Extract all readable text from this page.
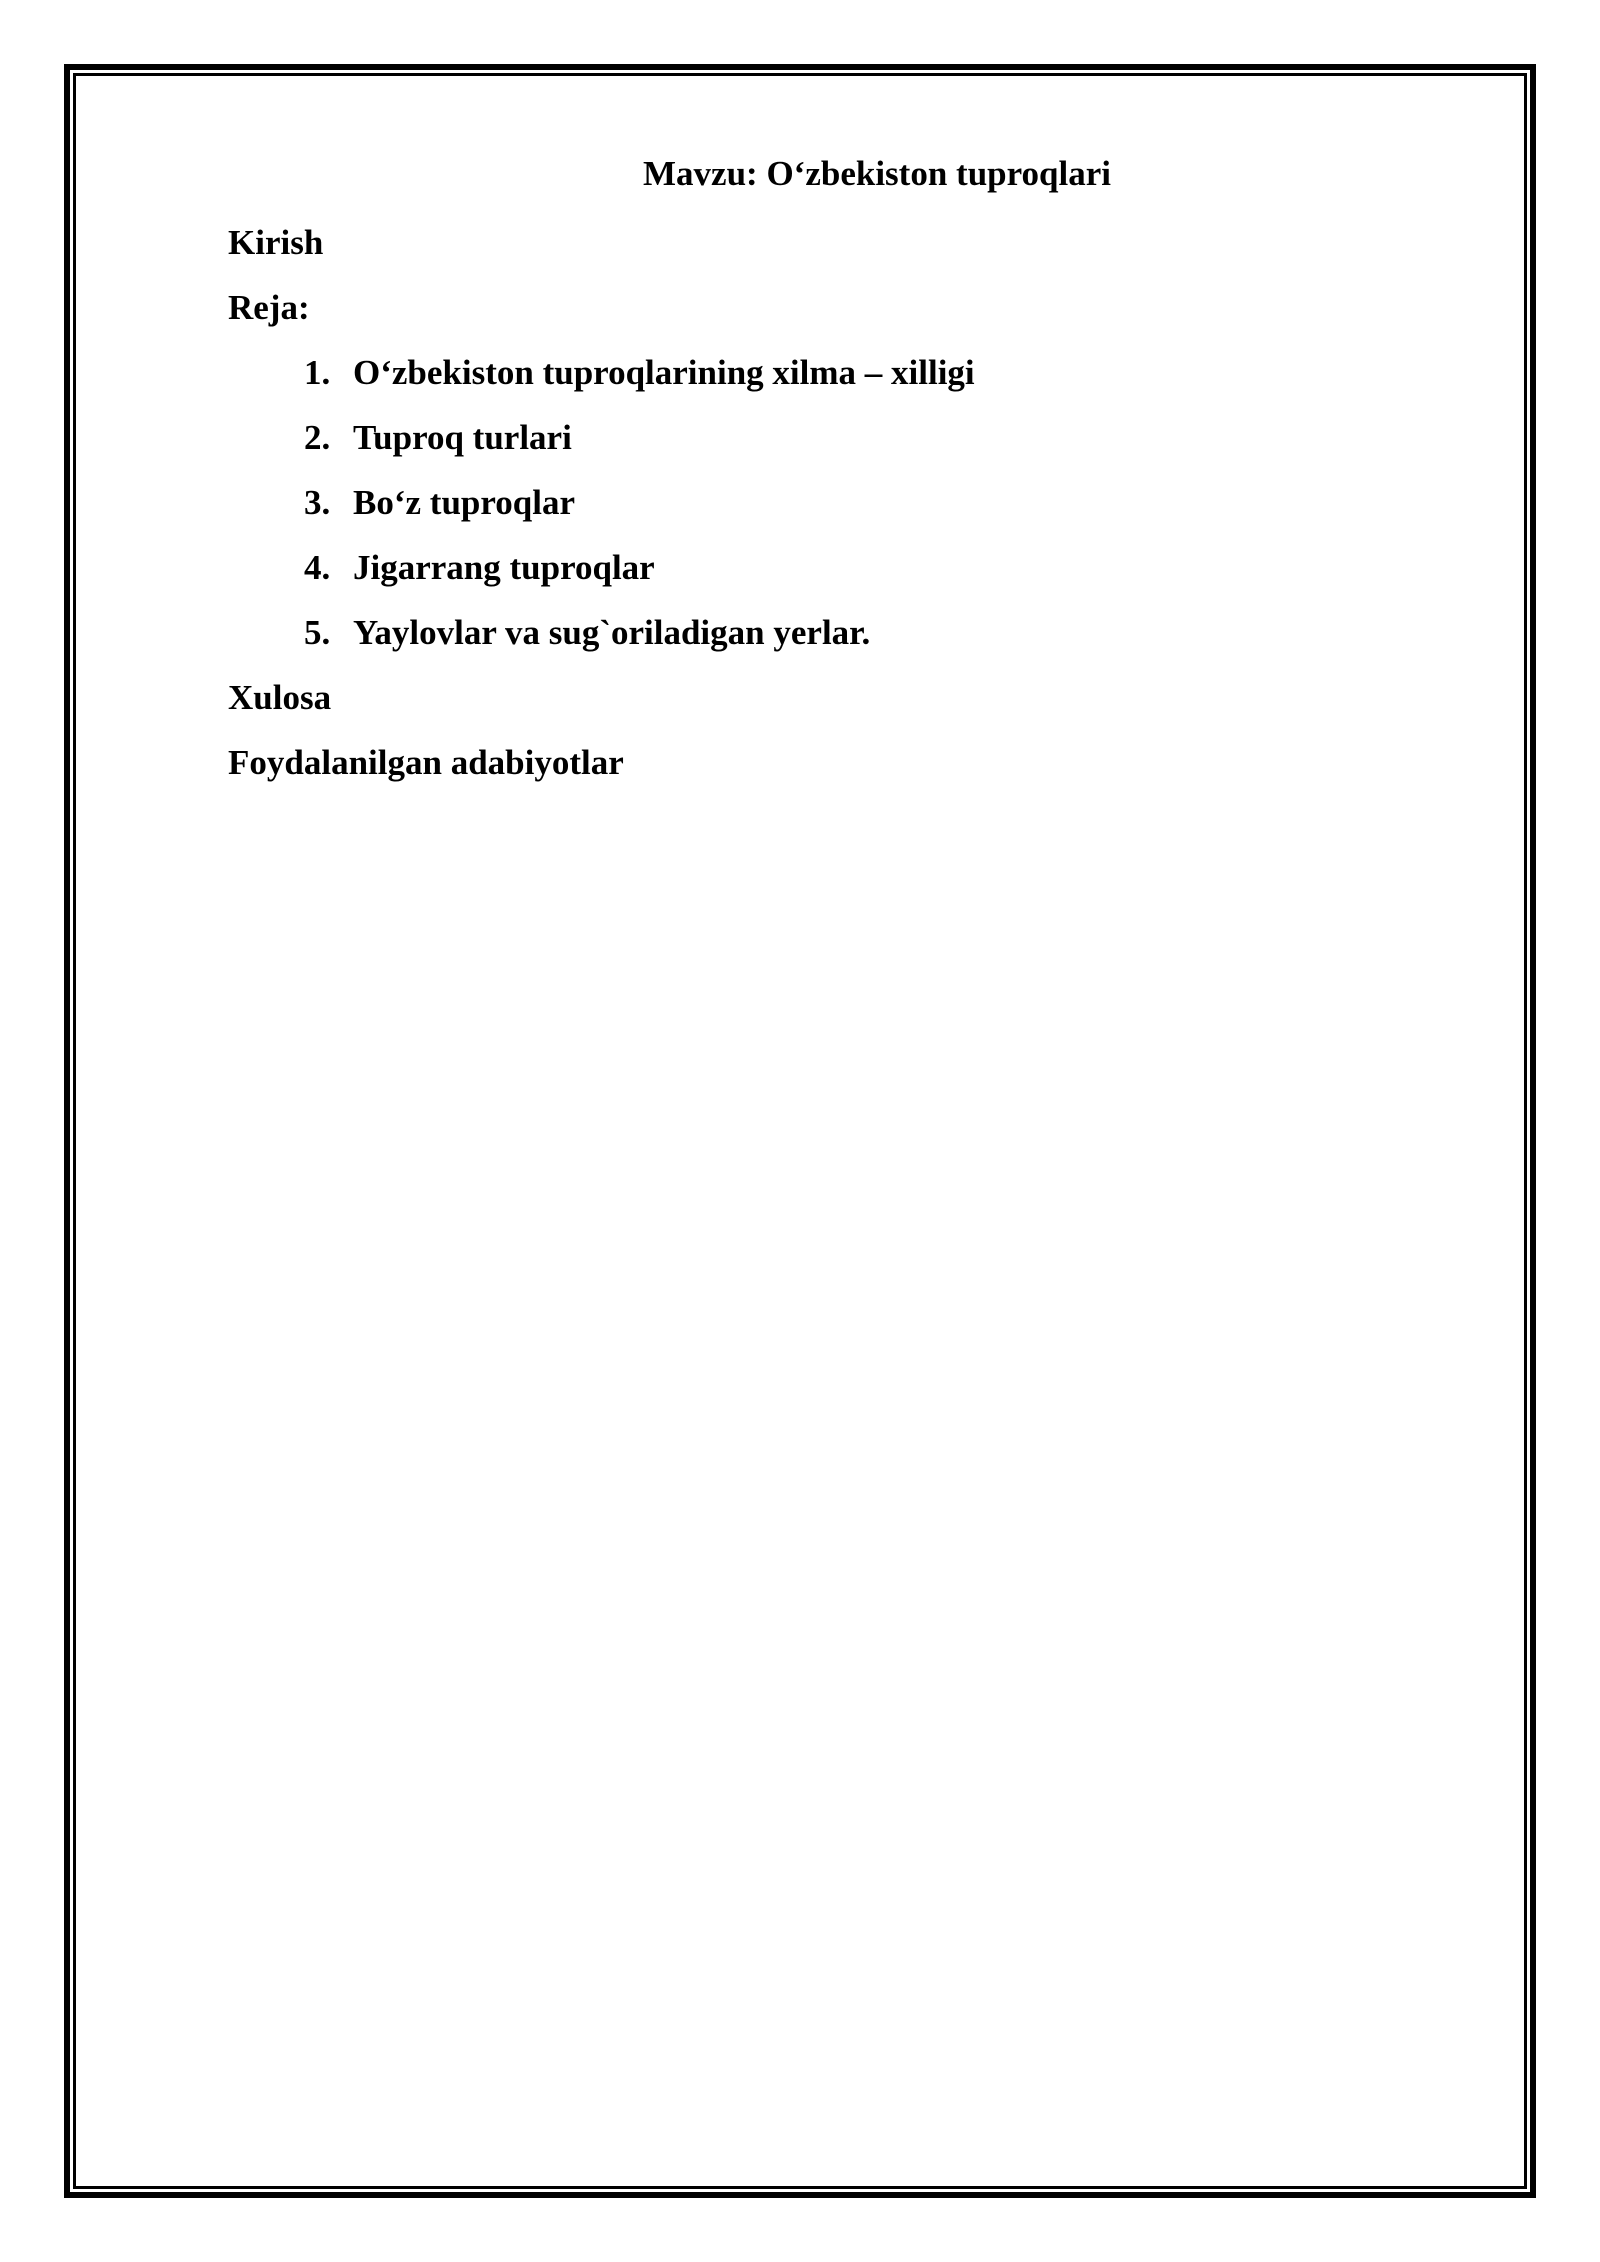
Mavzu: O‘zbekiston tuproqlari
Kirish
Reja:
1. O‘zbekiston tuproqlarining xilma – xilligi
2. Tuproq turlari
3. Bo‘z tuproqlar
4. Jigarrang tuproqlar
5. Yaylovlar va sug`oriladigan yerlar.
Xulosa
Foydalanilgan adabiyotlar
